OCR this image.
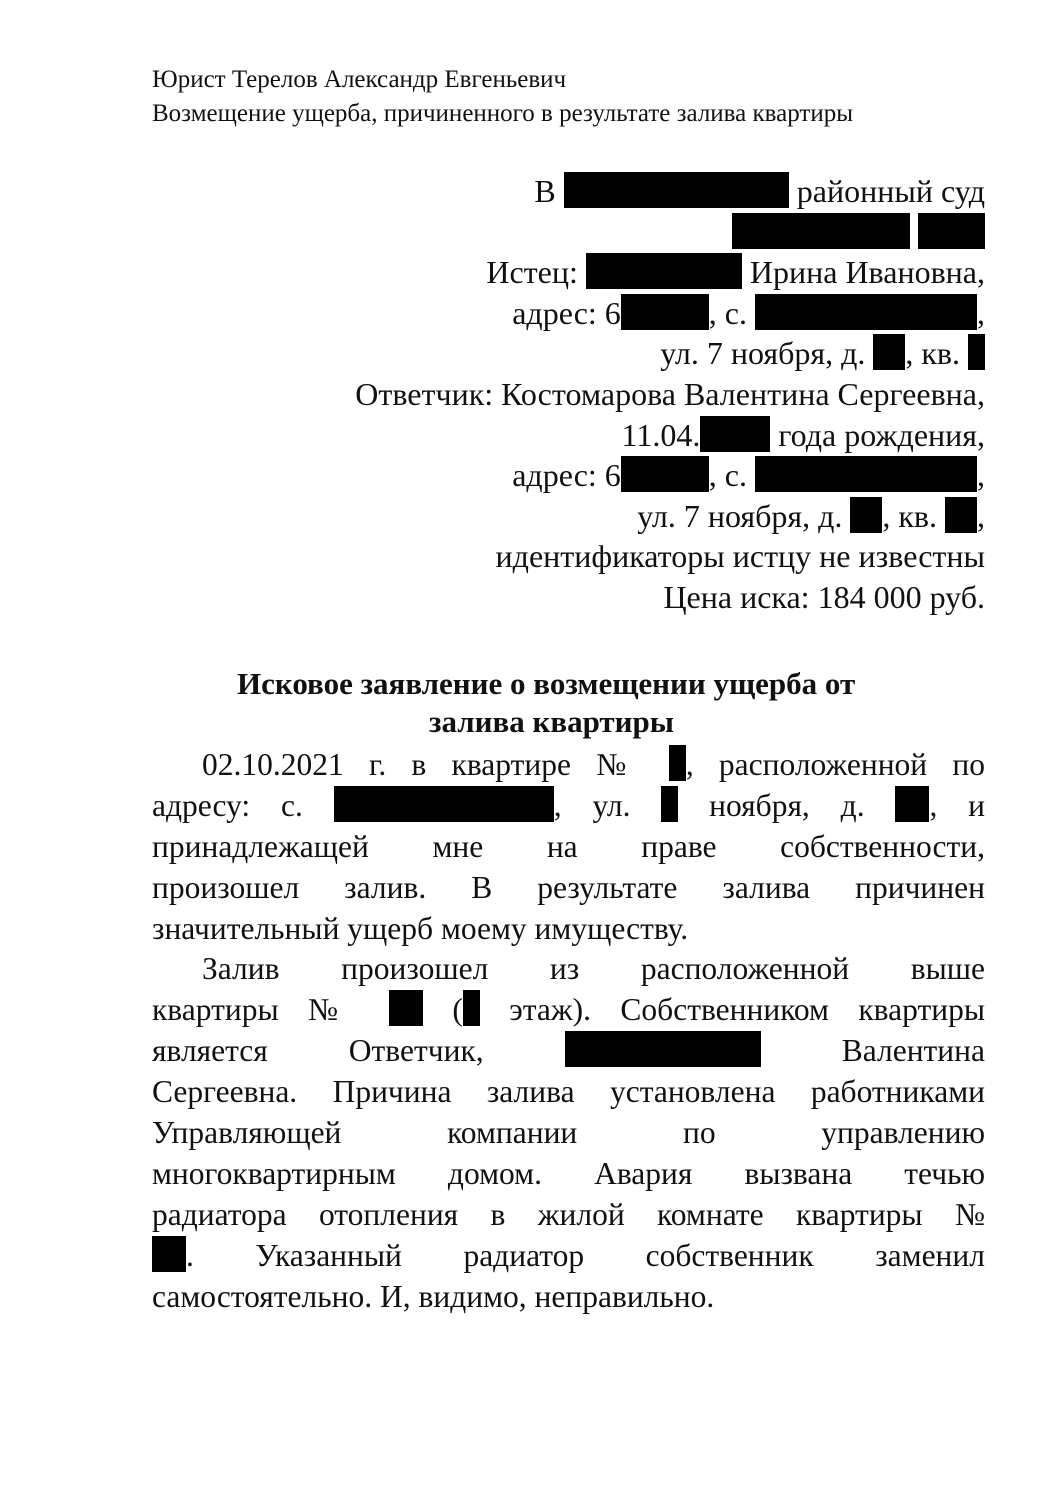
Юрист Терелов Александр Евгеньевич
Возмещение ущерба, причиненного в результате залива квартиры
В	районный суд

Истец:	Ирина Ивановна,
адрес: 6	, с.	,
ул. 7 ноября, д. , кв.
Ответчик: Костомарова Валентина Сергеевна,
11.04. года рождения,
адрес: 6	, с.	,
ул. 7 ноября, д. , кв. ,
идентификаторы истцу не известны
Цена иска: 184 000 руб.
Исковое заявление о возмещении ущерба от
залива квартиры
02.10.2021 г. в квартире № , расположенной по
адресу: с.	, ул. ноября, д. , и
принадлежащей мне на праве собственности,
произошел залив. В результате залива причинен
значительный ущерб моему имуществу.
Залив произошел из расположенной выше
квартиры №	( этаж). Собственником квартиры
является Ответчик,	Валентина
Сергеевна. Причина залива установлена работниками
Управляющей компании по управлению
многоквартирным домом. Авария вызвана течью
радиатора отопления в жилой комнате квартиры №
. Указанный радиатор собственник заменил
самостоятельно. И, видимо, неправильно.
